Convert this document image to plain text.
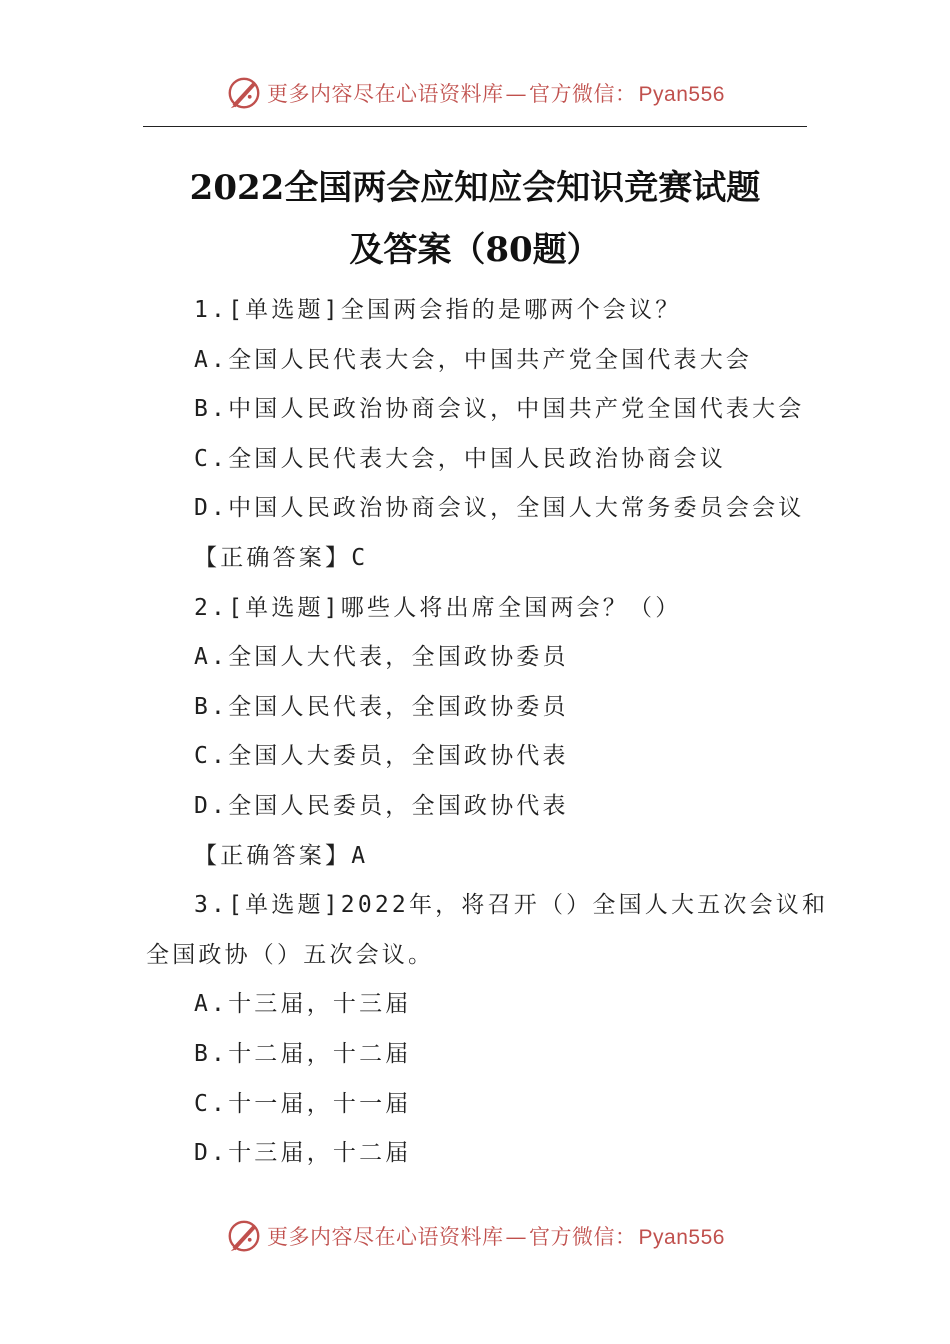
更多内容尽在心语资料库—官方微信：Pyan556
2022全国两会应知应会知识竞赛试题
及答案（80题）
1.[单选题]全国两会指的是哪两个会议？
A.全国人民代表大会，中国共产党全国代表大会
B.中国人民政治协商会议，中国共产党全国代表大会
C.全国人民代表大会，中国人民政治协商会议
D.中国人民政治协商会议，全国人大常务委员会会议
【正确答案】C
2.[单选题]哪些人将出席全国两会？（）
A.全国人大代表，全国政协委员
B.全国人民代表，全国政协委员
C.全国人大委员，全国政协代表
D.全国人民委员，全国政协代表
【正确答案】A
3.[单选题]2022年，将召开（）全国人大五次会议和
全国政协（）五次会议。
A.十三届，十三届
B.十二届，十二届
C.十一届，十一届
D.十三届，十二届
更多内容尽在心语资料库—官方微信：Pyan556
